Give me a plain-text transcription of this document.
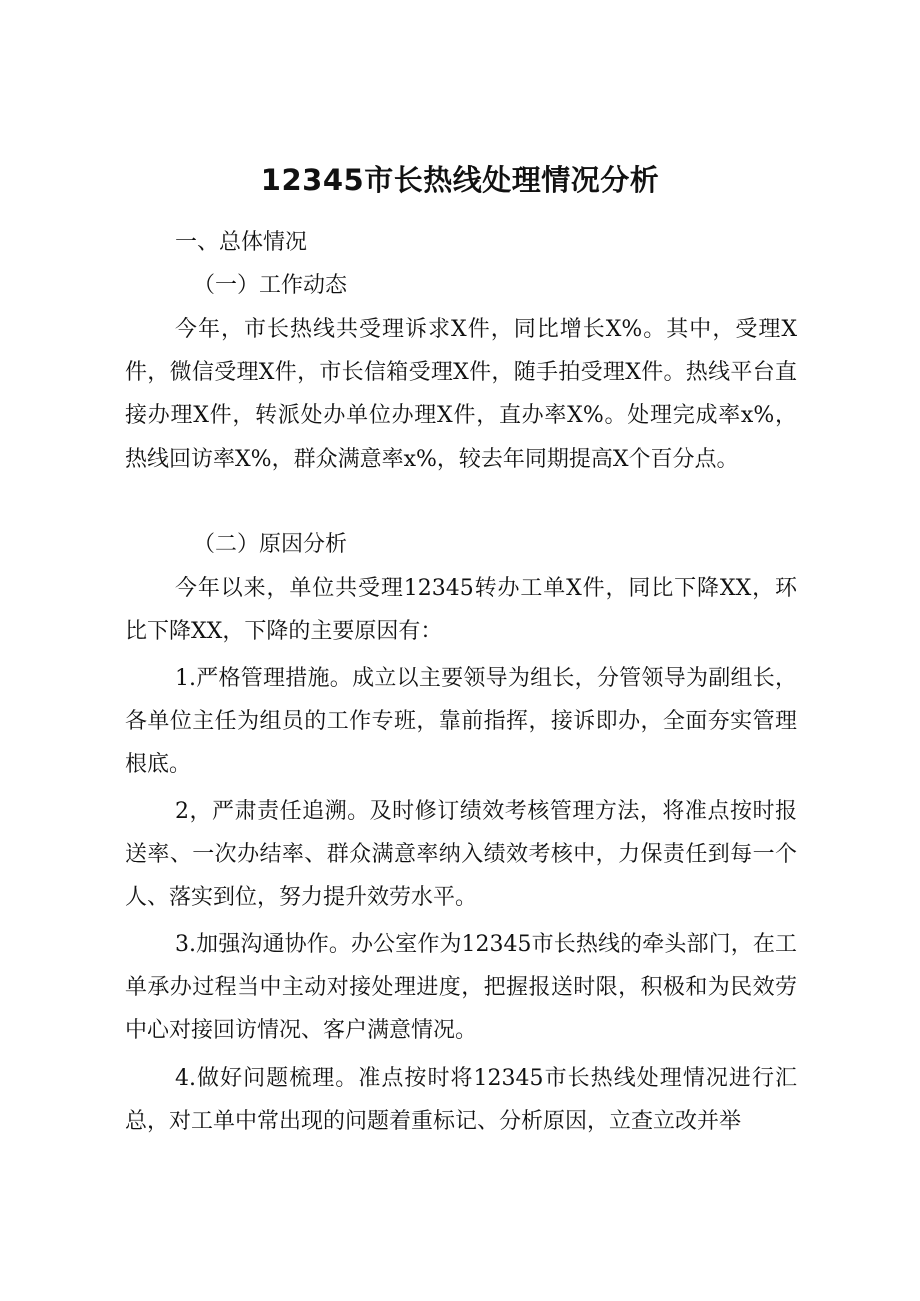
12345市长热线处理情况分析

一、总体情况

（一）工作动态

今年，市长热线共受理诉求X件，同比增长X%。其中，受理X件，微信受理X件，市长信箱受理X件，随手拍受理X件。热线平台直接办理X件，转派处办单位办理X件，直办率X%。处理完成率x%，热线回访率X%，群众满意率x%，较去年同期提高X个百分点。

（二）原因分析

今年以来，单位共受理12345转办工单X件，同比下降XX，环比下降XX，下降的主要原因有：

1.严格管理措施。成立以主要领导为组长，分管领导为副组长，各单位主任为组员的工作专班，靠前指挥，接诉即办，全面夯实管理根底。

2，严肃责任追溯。及时修订绩效考核管理方法，将准点按时报送率、一次办结率、群众满意率纳入绩效考核中，力保责任到每一个人、落实到位，努力提升效劳水平。

3.加强沟通协作。办公室作为12345市长热线的牵头部门，在工单承办过程当中主动对接处理进度，把握报送时限，积极和为民效劳中心对接回访情况、客户满意情况。

4.做好问题梳理。准点按时将12345市长热线处理情况进行汇总，对工单中常出现的问题着重标记、分析原因，立查立改并举
